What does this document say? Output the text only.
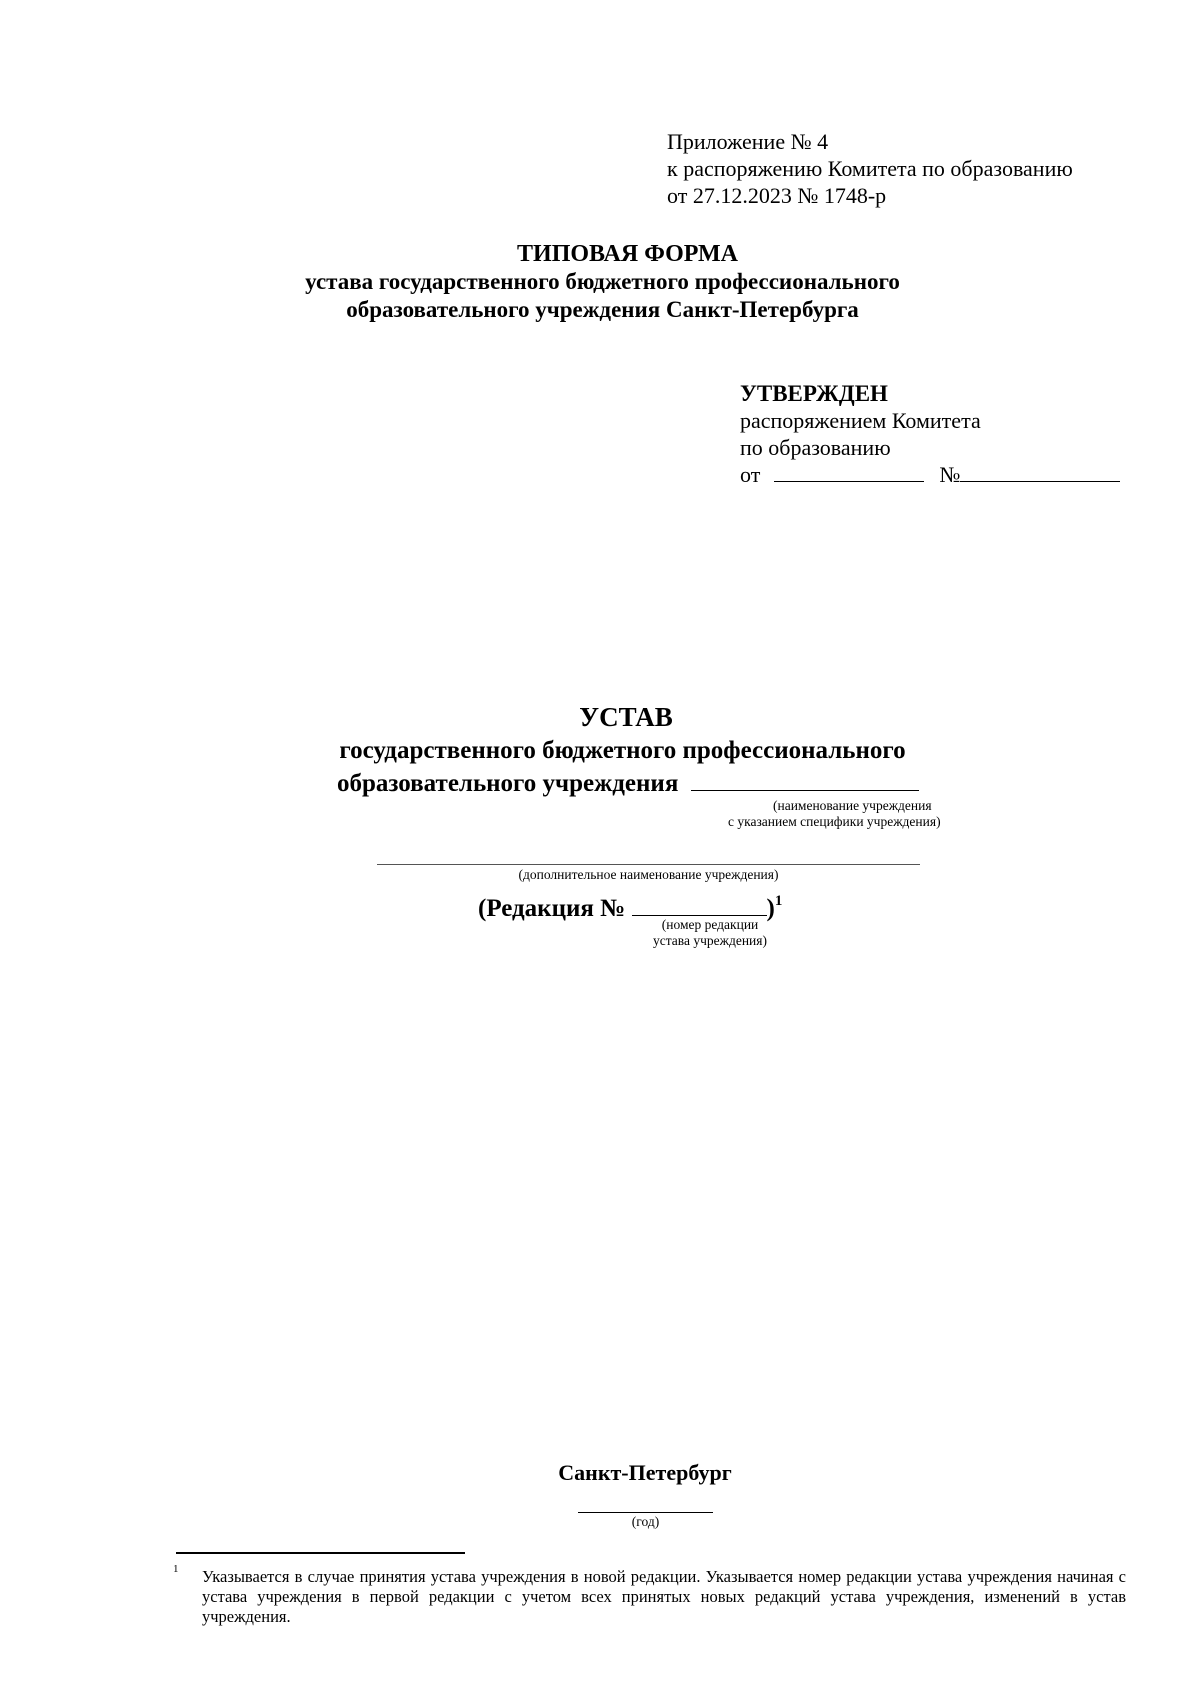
Приложение № 4
к распоряжению Комитета по образованию
от 27.12.2023 № 1748-р
ТИПОВАЯ ФОРМА
устава государственного бюджетного профессионального
образовательного учреждения Санкт-Петербурга
УТВЕРЖДЕН
распоряжением Комитета
по образованию
от	№
УСТАВ
государственного бюджетного профессионального
образовательного учреждения
(наименование учреждения
с указанием специфики учреждения)
(дополнительное наименование учреждения)
(Редакция №	)$^1$
(номер редакции
устава учреждения)
Санкт-Петербург
(год)
1 Указывается в случае принятия устава учреждения в новой редакции. Указывается номер редакции устава учреждения начиная с устава учреждения в первой редакции с учетом всех принятых новых редакций устава учреждения, изменений в устав учреждения.
